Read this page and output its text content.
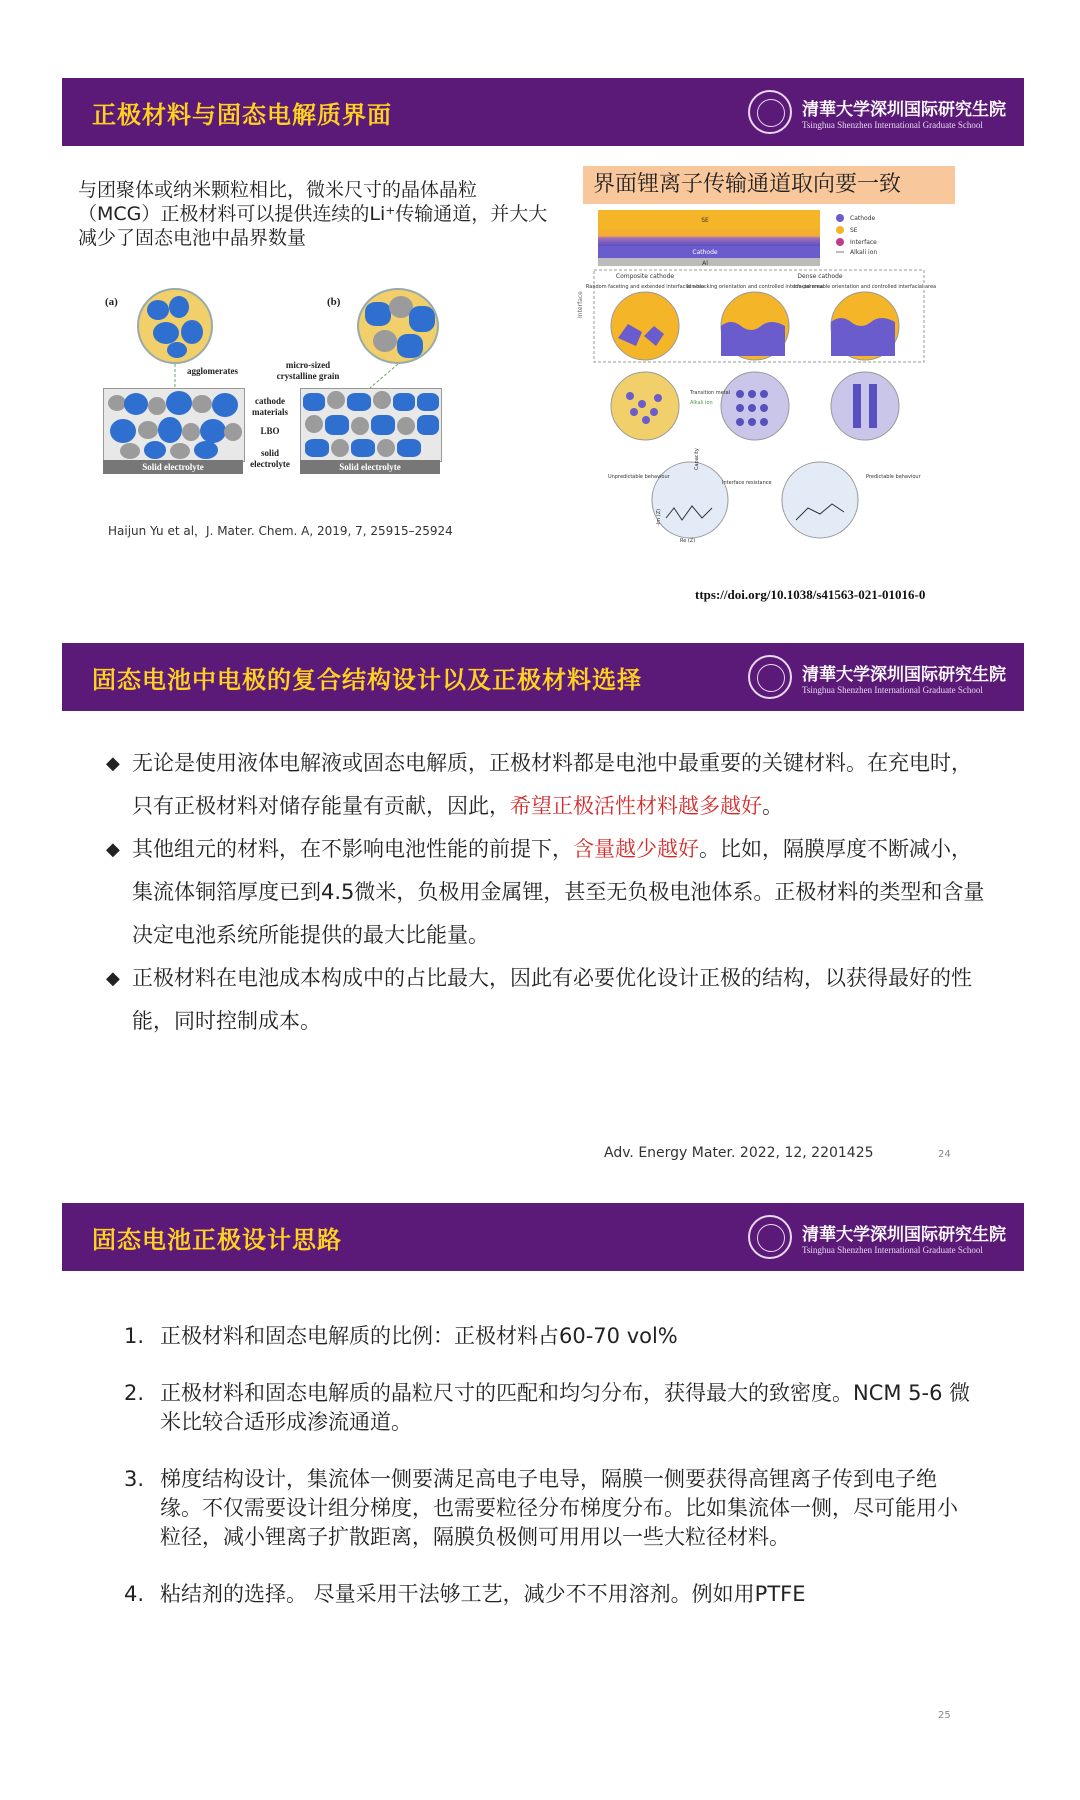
正极材料与固态电解质界面	清華大学深圳国际研究生院
Tsinghua Shenzhen International Graduate School
与团聚体或纳米颗粒相比，微米尺寸的晶体晶粒（MCG）正极材料可以提供连续的Li⁺传输通道，并大大减少了固态电池中晶界数量
(a)	(b)
agglomerates
micro-sized crystalline grain
cathode materials
LBO
solid electrolyte
Solid electrolyte	Solid electrolyte
Haijun Yu et al，J. Mater. Chem. A, 2019, 7, 25915–25924
界面锂离子传输通道取向要一致
SE
Cathode
Al
Cathode
SE
Interface
Alkali ion
Interface
Composite cathode	Dense cathode
Random faceting and extended interfacial area
Ion-blocking orientation and controlled interfacial area
Ion-permeable orientation and controlled interfacial area
Transition metal
Alkali ion
Unpredictable behaviour
Interface resistance
Predictable behaviour
Capacity
Re (Z)
-Im (Z)
ttps://doi.org/10.1038/s41563-021-01016-0
固态电池中电极的复合结构设计以及正极材料选择	清華大学深圳国际研究生院
Tsinghua Shenzhen International Graduate School
◆ 无论是使用液体电解液或固态电解质，正极材料都是电池中最重要的关键材料。在充电时，只有正极材料对储存能量有贡献，因此，希望正极活性材料越多越好。
◆ 其他组元的材料，在不影响电池性能的前提下，含量越少越好。比如，隔膜厚度不断减小，集流体铜箔厚度已到4.5微米，负极用金属锂，甚至无负极电池体系。正极材料的类型和含量决定电池系统所能提供的最大比能量。
◆ 正极材料在电池成本构成中的占比最大，因此有必要优化设计正极的结构，以获得最好的性能，同时控制成本。
Adv. Energy Mater. 2022, 12, 2201425	24
固态电池正极设计思路	清華大学深圳国际研究生院
Tsinghua Shenzhen International Graduate School
1. 正极材料和固态电解质的比例：正极材料占60-70 vol%
2. 正极材料和固态电解质的晶粒尺寸的匹配和均匀分布，获得最大的致密度。NCM 5-6 微米比较合适形成渗流通道。
3. 梯度结构设计，集流体一侧要满足高电子电导，隔膜一侧要获得高锂离子传到电子绝缘。不仅需要设计组分梯度，也需要粒径分布梯度分布。比如集流体一侧，尽可能用小粒径，减小锂离子扩散距离，隔膜负极侧可用用以一些大粒径材料。
4. 粘结剂的选择。 尽量采用干法够工艺，减少不不用溶剂。例如用PTFE
25
